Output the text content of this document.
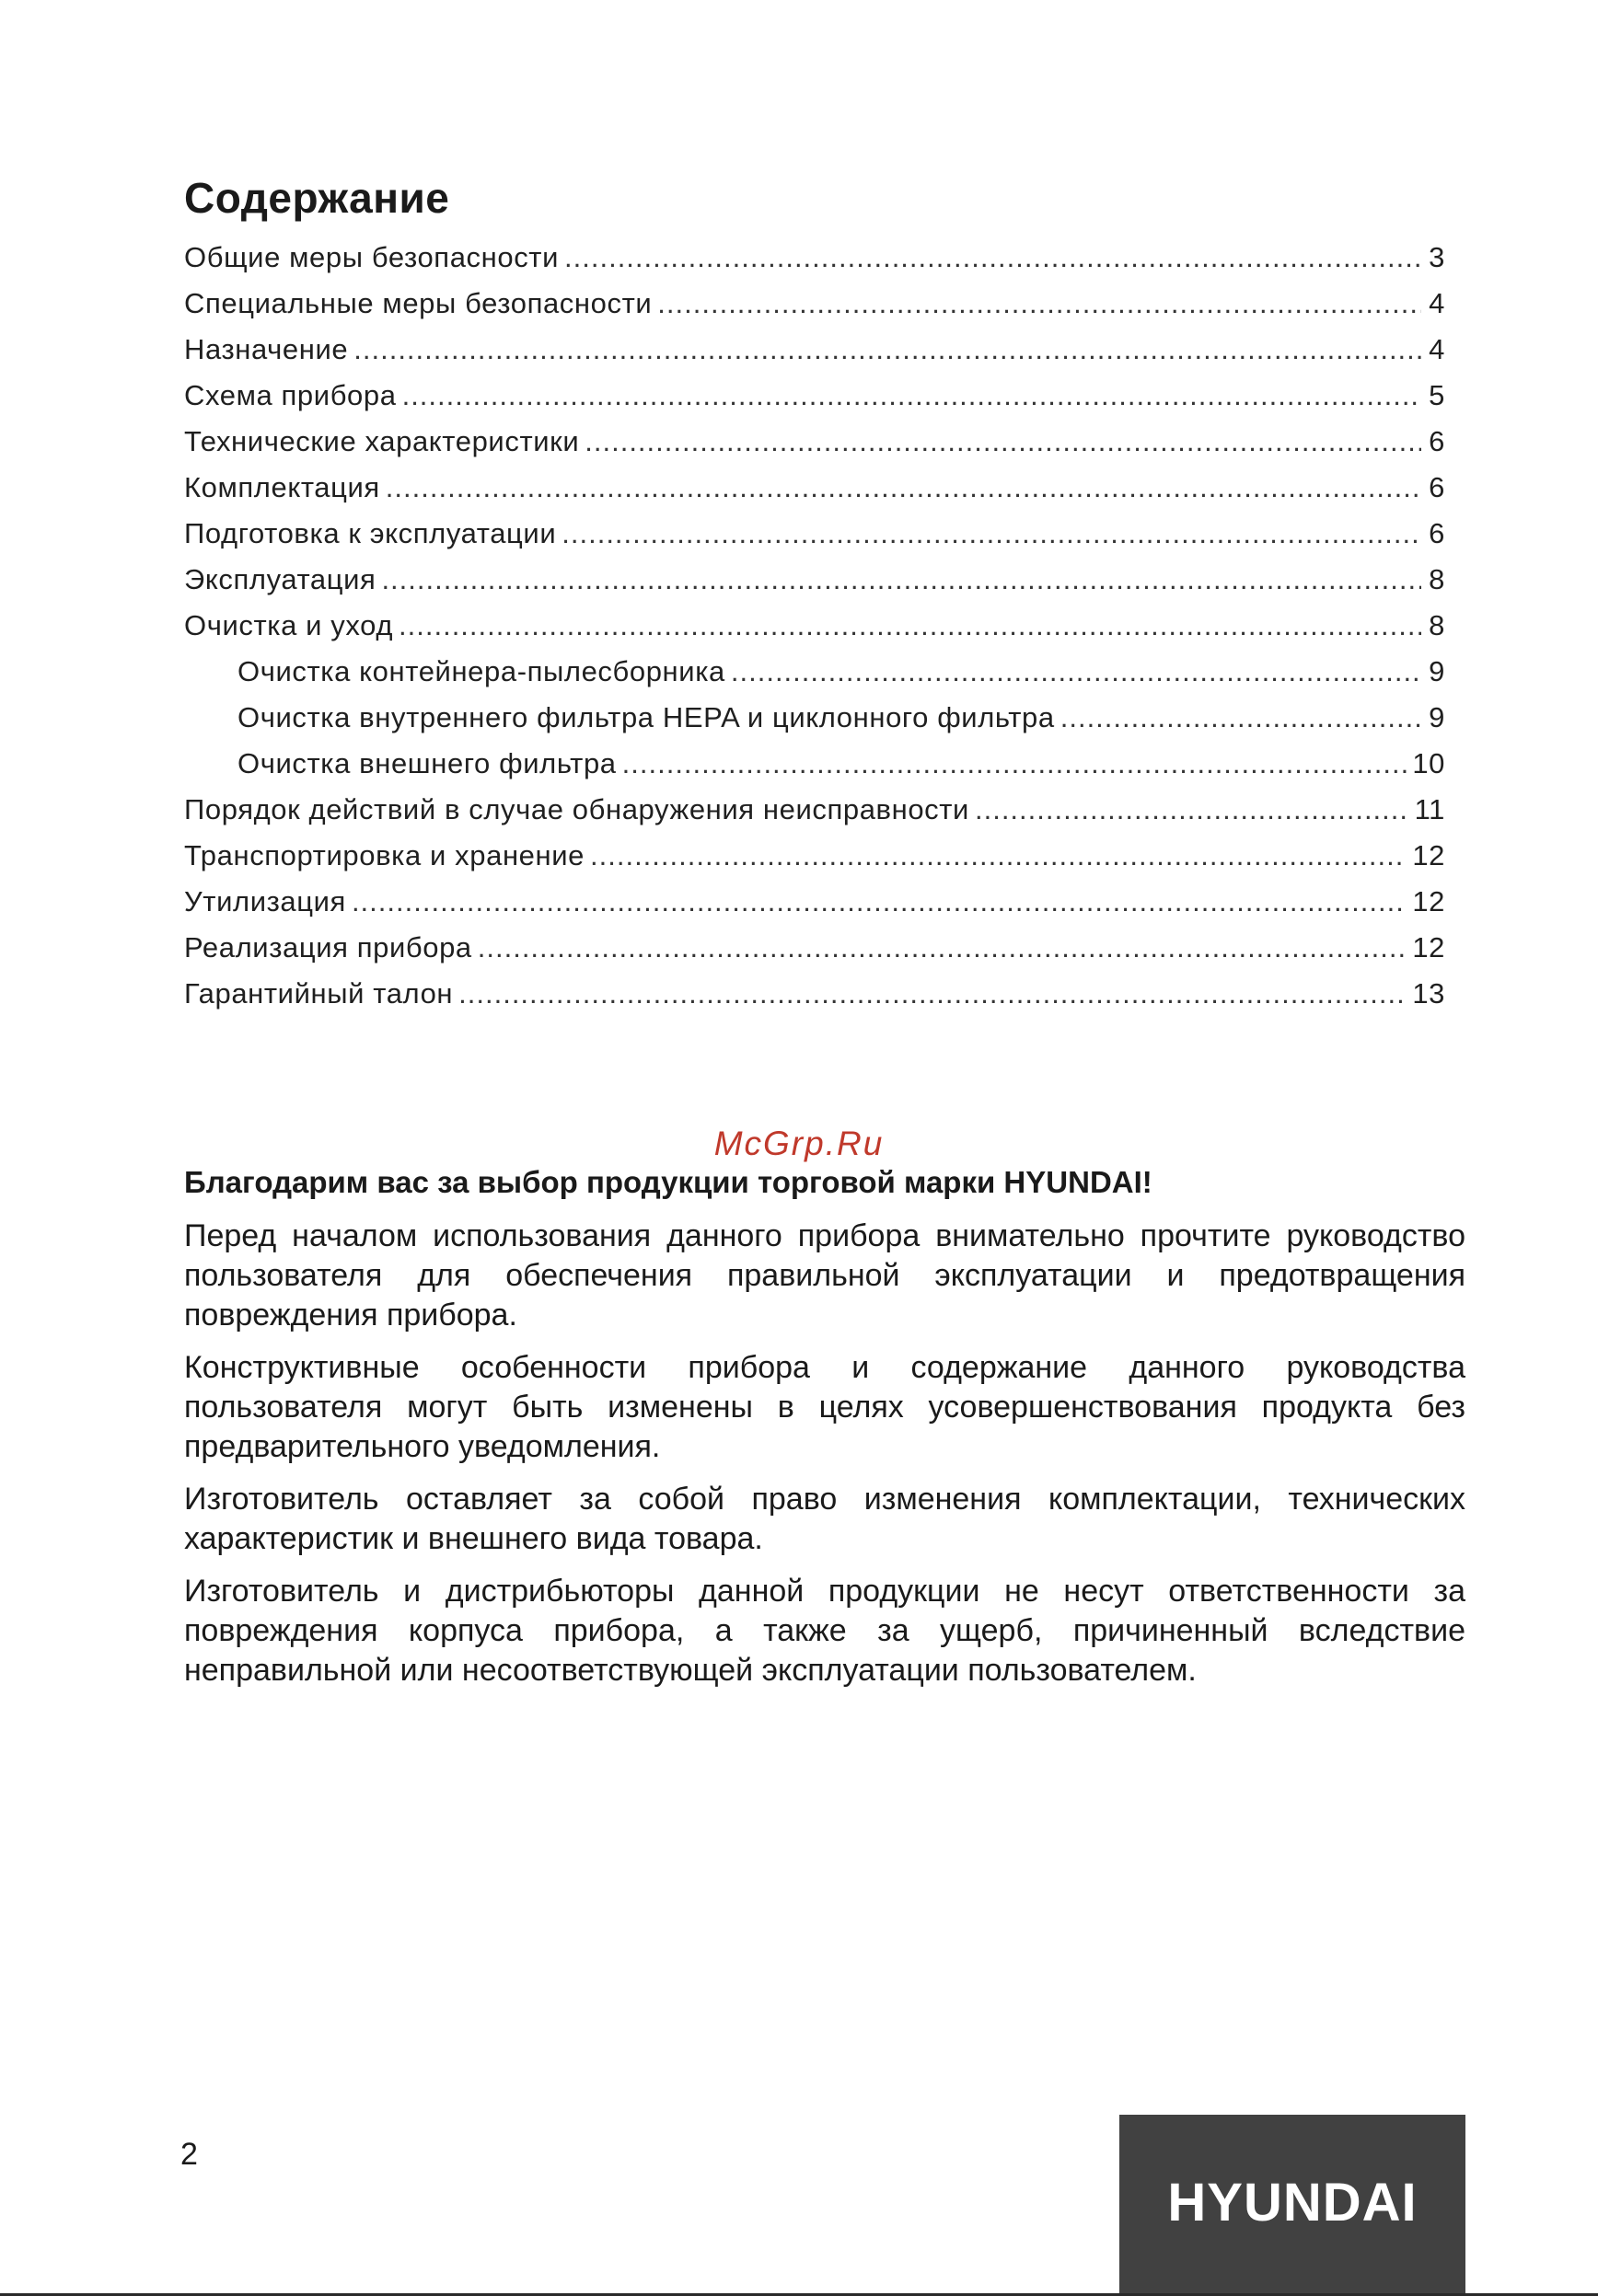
Содержание
Общие меры безопасности .....	3
Специальные меры безопасности .....	4
Назначение .....	4
Схема прибора .....	5
Технические характеристики .....	6
Комплектация .....	6
Подготовка к эксплуатации .....	6
Эксплуатация .....	8
Очистка и уход .....	8
Очистка контейнера-пылесборника .....	9
Очистка внутреннего фильтра HEPA и циклонного фильтра .....	9
Очистка внешнего фильтра .....	10
Порядок действий в случае обнаружения неисправности .....	11
Транспортировка и хранение .....	12
Утилизация .....	12
Реализация прибора .....	12
Гарантийный талон .....	13
McGrp.Ru
Благодарим вас за выбор продукции торговой марки HYUNDAI!

Перед началом использования данного прибора внимательно прочтите руководство пользователя для обеспечения правильной эксплуатации и предотвращения повреждения прибора.

Конструктивные особенности прибора и содержание данного руководства пользователя могут быть изменены в целях усовершенствования продукта без предварительного уведомления.

Изготовитель оставляет за собой право изменения комплектации, технических характеристик и внешнего вида товара.

Изготовитель и дистрибьюторы данной продукции не несут ответственности за повреждения корпуса прибора, а также за ущерб, причиненный вследствие неправильной или несоответствующей эксплуатации пользователем.

2
HYUNDAI
